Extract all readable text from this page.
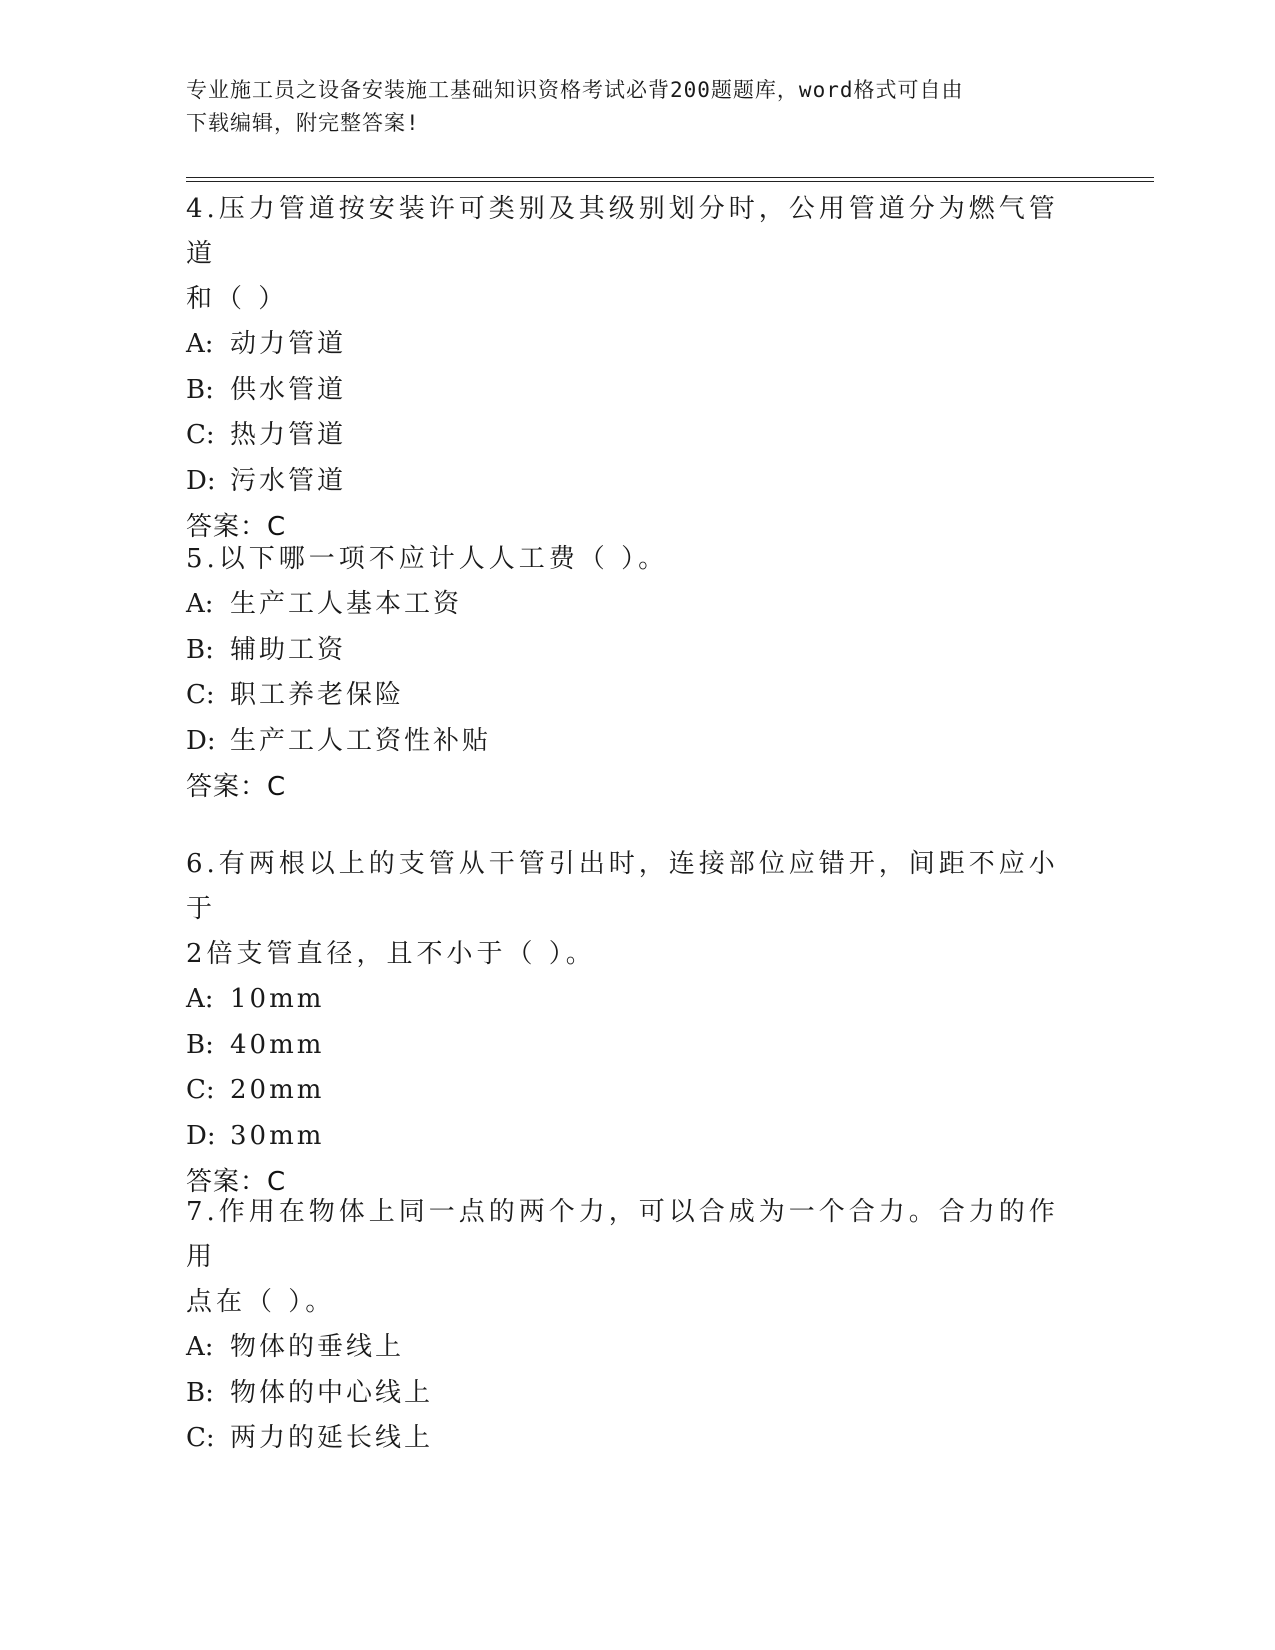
专业施工员之设备安装施工基础知识资格考试必背200题题库，word格式可自由
下载编辑，附完整答案!
4.压力管道按安装许可类别及其级别划分时，公用管道分为燃气管道
和（ ）
A: 动力管道
B: 供水管道
C: 热力管道
D: 污水管道
答案：C
5.以下哪一项不应计人人工费（ ）。
A: 生产工人基本工资
B: 辅助工资
C: 职工养老保险
D: 生产工人工资性补贴
答案：C
6.有两根以上的支管从干管引出时，连接部位应错开，间距不应小于
2倍支管直径，且不小于（ ）。
A: 10mm
B: 40mm
C: 20mm
D: 30mm
答案：C
7.作用在物体上同一点的两个力，可以合成为一个合力。合力的作用
点在（ ）。
A: 物体的垂线上
B: 物体的中心线上
C: 两力的延长线上
